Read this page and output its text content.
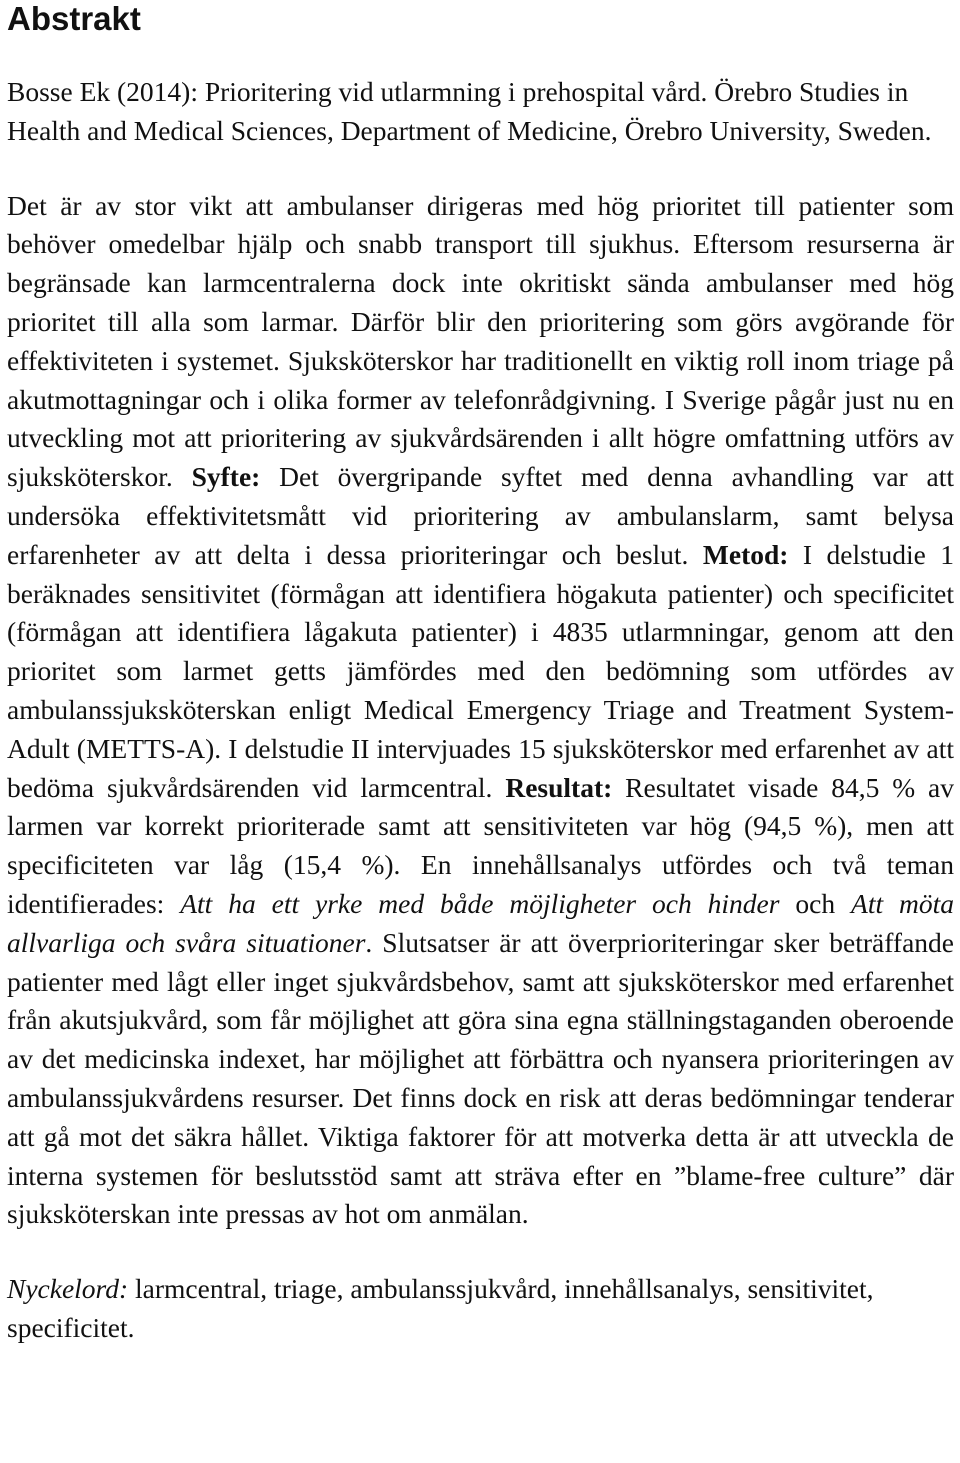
Abstrakt

Bosse Ek (2014): Prioritering vid utlarmning i prehospital vård. Örebro Studies in Health and Medical Sciences, Department of Medicine, Örebro University, Sweden.

Det är av stor vikt att ambulanser dirigeras med hög prioritet till patienter som behöver omedelbar hjälp och snabb transport till sjukhus. Eftersom resurserna är begränsade kan larmcentralerna dock inte okritiskt sända ambulanser med hög prioritet till alla som larmar. Därför blir den prioritering som görs avgörande för effektiviteten i systemet. Sjuksköterskor har traditionellt en viktig roll inom triage på akutmottagningar och i olika former av telefonrådgivning. I Sverige pågår just nu en utveckling mot att prioritering av sjukvårdsärenden i allt högre omfattning utförs av sjuksköterskor. Syfte: Det övergripande syftet med denna avhandling var att undersöka effektivitetsmått vid prioritering av ambulanslarm, samt belysa erfarenheter av att delta i dessa prioriteringar och beslut. Metod: I delstudie 1 beräknades sensitivitet (förmågan att identifiera högakuta patienter) och specificitet (förmågan att identifiera lågakuta patienter) i 4835 utlarmningar, genom att den prioritet som larmet getts jämfördes med den bedömning som utfördes av ambulanssjuksköterskan enligt Medical Emergency Triage and Treatment System-Adult (METTS-A). I delstudie II intervjuades 15 sjuksköterskor med erfarenhet av att bedöma sjukvårdsärenden vid larmcentral. Resultat: Resultatet visade 84,5 % av larmen var korrekt prioriterade samt att sensitiviteten var hög (94,5 %), men att specificiteten var låg (15,4 %). En innehållsanalys utfördes och två teman identifierades: Att ha ett yrke med både möjligheter och hinder och Att möta allvarliga och svåra situationer. Slutsatser är att överprioriteringar sker beträffande patienter med lågt eller inget sjukvårdsbehov, samt att sjuksköterskor med erfarenhet från akutsjukvård, som får möjlighet att göra sina egna ställningstaganden oberoende av det medicinska indexet, har möjlighet att förbättra och nyansera prioriteringen av ambulanssjukvårdens resurser. Det finns dock en risk att deras bedömningar tenderar att gå mot det säkra hållet. Viktiga faktorer för att motverka detta är att utveckla de interna systemen för beslutsstöd samt att sträva efter en ”blame-free culture” där sjuksköterskan inte pressas av hot om anmälan.

Nyckelord: larmcentral, triage, ambulanssjukvård, innehållsanalys, sensitivitet, specificitet.
